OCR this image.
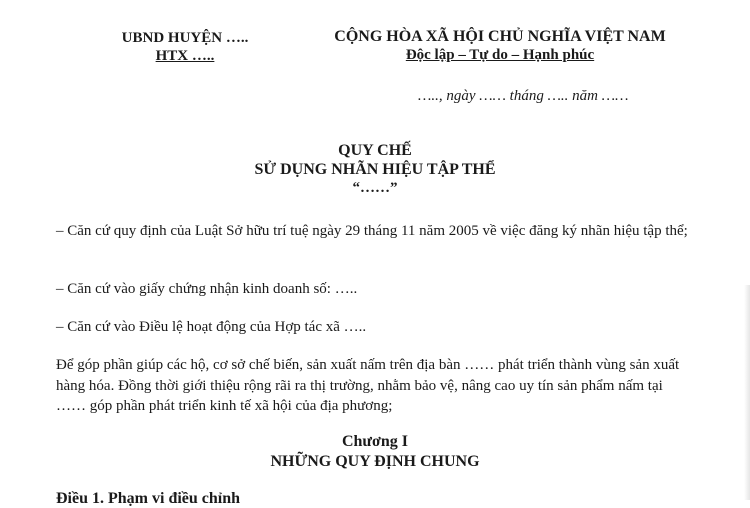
UBND HUYỆN …..
HTX …..
CỘNG HÒA XÃ HỘI CHỦ NGHĨA VIỆT NAM
Độc lập – Tự do – Hạnh phúc
….., ngày …… tháng ….. năm ……
QUY CHẾ
SỬ DỤNG NHÃN HIỆU TẬP THỂ
“……”
– Căn cứ quy định của Luật Sở hữu trí tuệ ngày 29 tháng 11 năm 2005 về việc đăng ký nhãn hiệu tập thể;
– Căn cứ vào giấy chứng nhận kinh doanh số: …..
– Căn cứ vào Điều lệ hoạt động của Hợp tác xã …..
Để góp phần giúp các hộ, cơ sở chế biến, sản xuất nấm trên địa bàn …… phát triển thành vùng sản xuất hàng hóa. Đồng thời giới thiệu rộng rãi ra thị trường, nhằm bảo vệ, nâng cao uy tín sản phẩm nấm tại …… góp phần phát triển kinh tế xã hội của địa phương;
Chương I
NHỮNG QUY ĐỊNH CHUNG
Điều 1. Phạm vi điều chỉnh
